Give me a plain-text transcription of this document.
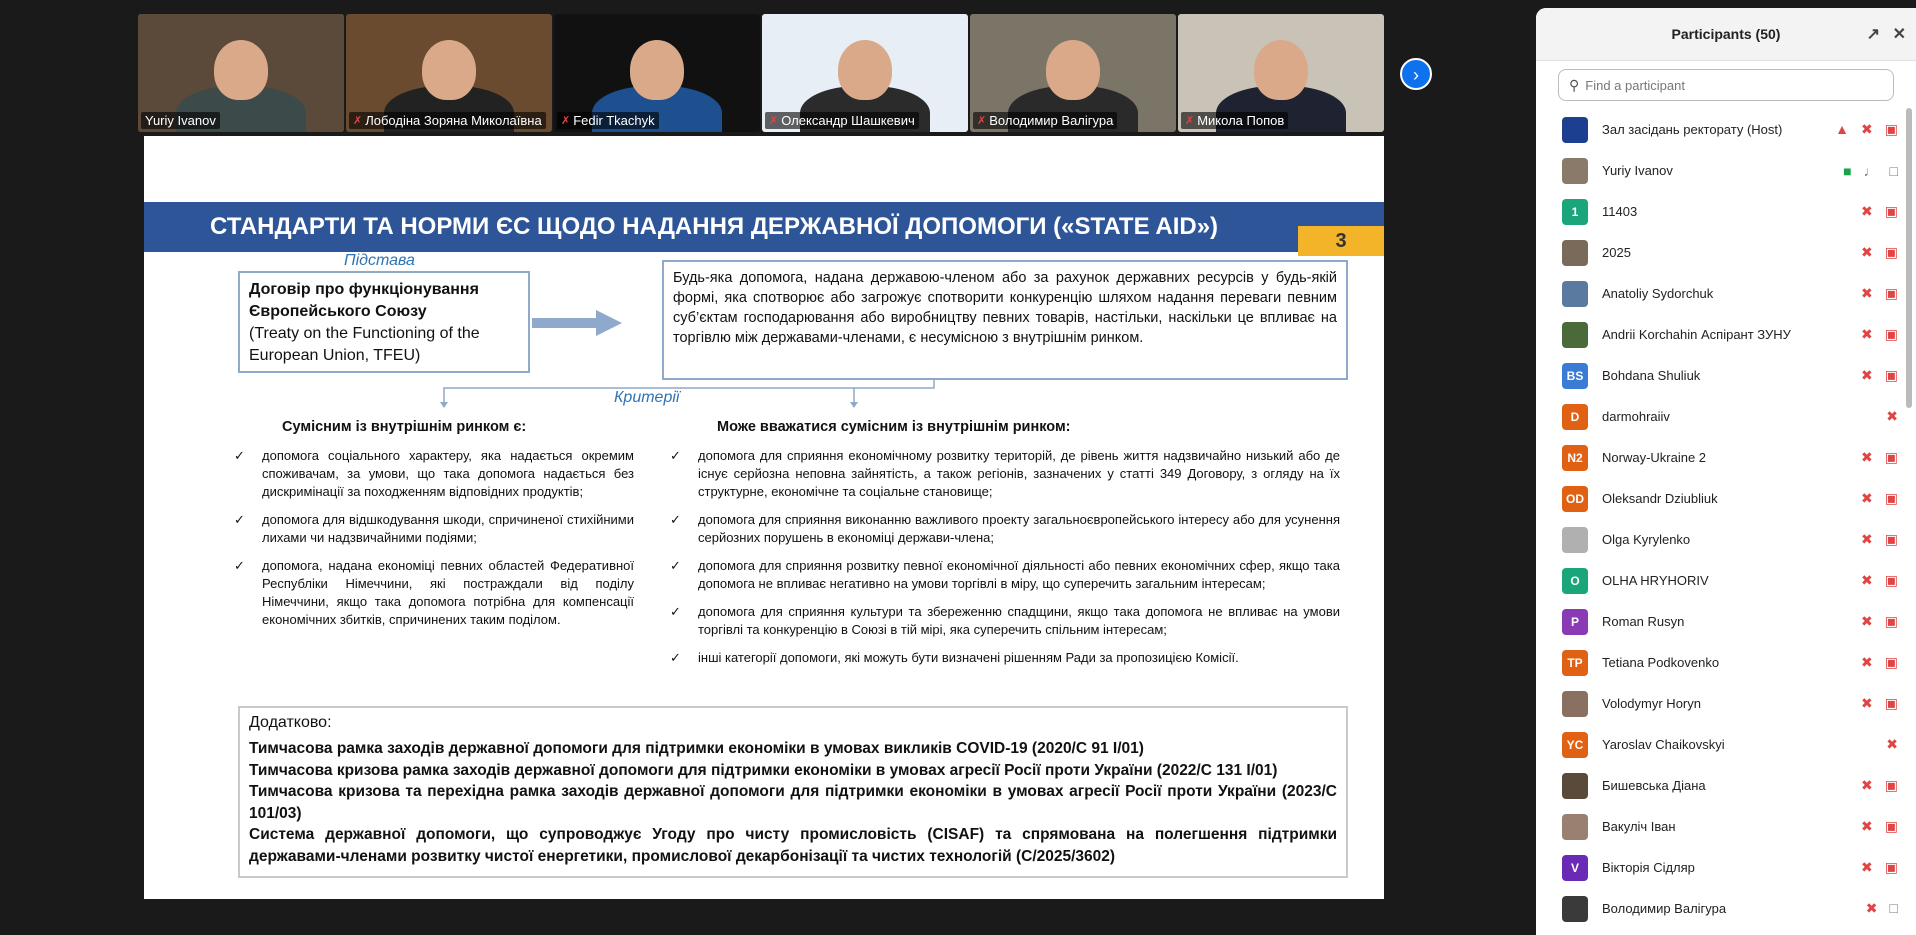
Yuriy Ivanov	✗ Лободіна Зоряна Миколаївна ✗ Fedir Tkachyk	✗ Олександр Шашкевич	✗ Володимир Валігура	✗ Микола Попов
›
СТАНДАРТИ ТА НОРМИ ЄС ЩОДО НАДАННЯ ДЕРЖАВНОЇ ДОПОМОГИ («STATE AID»)
3
Підстава
Договір про функціонування Європейського Союзу
(Treaty on the Functioning of the European Union, TFEU)
Будь-яка допомога, надана державою-членом або за рахунок державних ресурсів у будь-якій формі, яка спотворює або загрожує спотворити конкуренцію шляхом надання переваги певним суб’єктам господарювання або виробництву певних товарів, настільки, наскільки це впливає на торгівлю між державами-членами, є несумісною з внутрішнім ринком.
Критерії
Сумісним із внутрішнім ринком є:	Може вважатися сумісним із внутрішнім ринком:
✓	допомога соціального характеру, яка надається окремим споживачам, за умови, що така допомога надається без дискримінації за походженням відповідних продуктів;
✓	допомога для відшкодування шкоди, спричиненої стихійними лихами чи надзвичайними подіями;
✓	допомога, надана економіці певних областей Федеративної Республіки Німеччини, які постраждали від поділу Німеччини, якщо така допомога потрібна для компенсації економічних збитків, спричинених таким поділом.
✓	допомога для сприяння економічному розвитку територій, де рівень життя надзвичайно низький або де існує серйозна неповна зайнятість, а також регіонів, зазначених у статті 349 Договору, з огляду на їх структурне, економічне та соціальне становище;
✓	допомога для сприяння виконанню важливого проекту загальноєвропейського інтересу або для усунення серйозних порушень в економіці держави-члена;
✓	допомога для сприяння розвитку певної економічної діяльності або певних економічних сфер, якщо така допомога не впливає негативно на умови торгівлі в міру, що суперечить загальним інтересам;
✓	допомога для сприяння культури та збереженню спадщини, якщо така допомога не впливає на умови торгівлі та конкуренцію в Союзі в тій мірі, яка суперечить спільним інтересам;
✓	інші категорії допомоги, які можуть бути визначені рішенням Ради за пропозицією Комісії.
Додатково:
Тимчасова рамка заходів державної допомоги для підтримки економіки в умовах викликів COVID-19 (2020/C 91 I/01)
Тимчасова кризова рамка заходів державної допомоги для підтримки економіки в умовах агресії Росії проти України (2022/C 131 I/01)
Тимчасова кризова та перехідна рамка заходів державної допомоги для підтримки економіки в умовах агресії Росії проти України (2023/C 101/03)
Система державної допомоги, що супроводжує Угоду про чисту промисловість (CISAF) та спрямована на полегшення підтримки державами-членами розвитку чистої енергетики, промислової декарбонізації та чистих технологій (C/2025/3602)
Participants (50)	↗ ✕
⚲ Find a participant
Зал засідань ректорату (Host)	▲ ✖ ▣
Yuriy Ivanov	■ ♩ □
1	11403	✖ ▣
2025	✖ ▣
Anatoliy Sydorchuk	✖ ▣
Andrii Korchahin Аспірант ЗУНУ	✖ ▣
BS	Bohdana Shuliuk	✖ ▣
D	darmohraiiv	✖
N2	Norway-Ukraine 2	✖ ▣
OD	Oleksandr Dziubliuk	✖ ▣
Olga Kyrylenko	✖ ▣
O	OLHA HRYHORIV	✖ ▣
P	Roman Rusyn	✖ ▣
TP	Tetiana Podkovenko	✖ ▣
Volodymyr Horyn	✖ ▣
YC	Yaroslav Chaikovskyi	✖
Бишевська Діана	✖ ▣
Вакуліч Іван	✖ ▣
V	Вікторія Сідляр	✖ ▣
Володимир Валігура	✖ □
